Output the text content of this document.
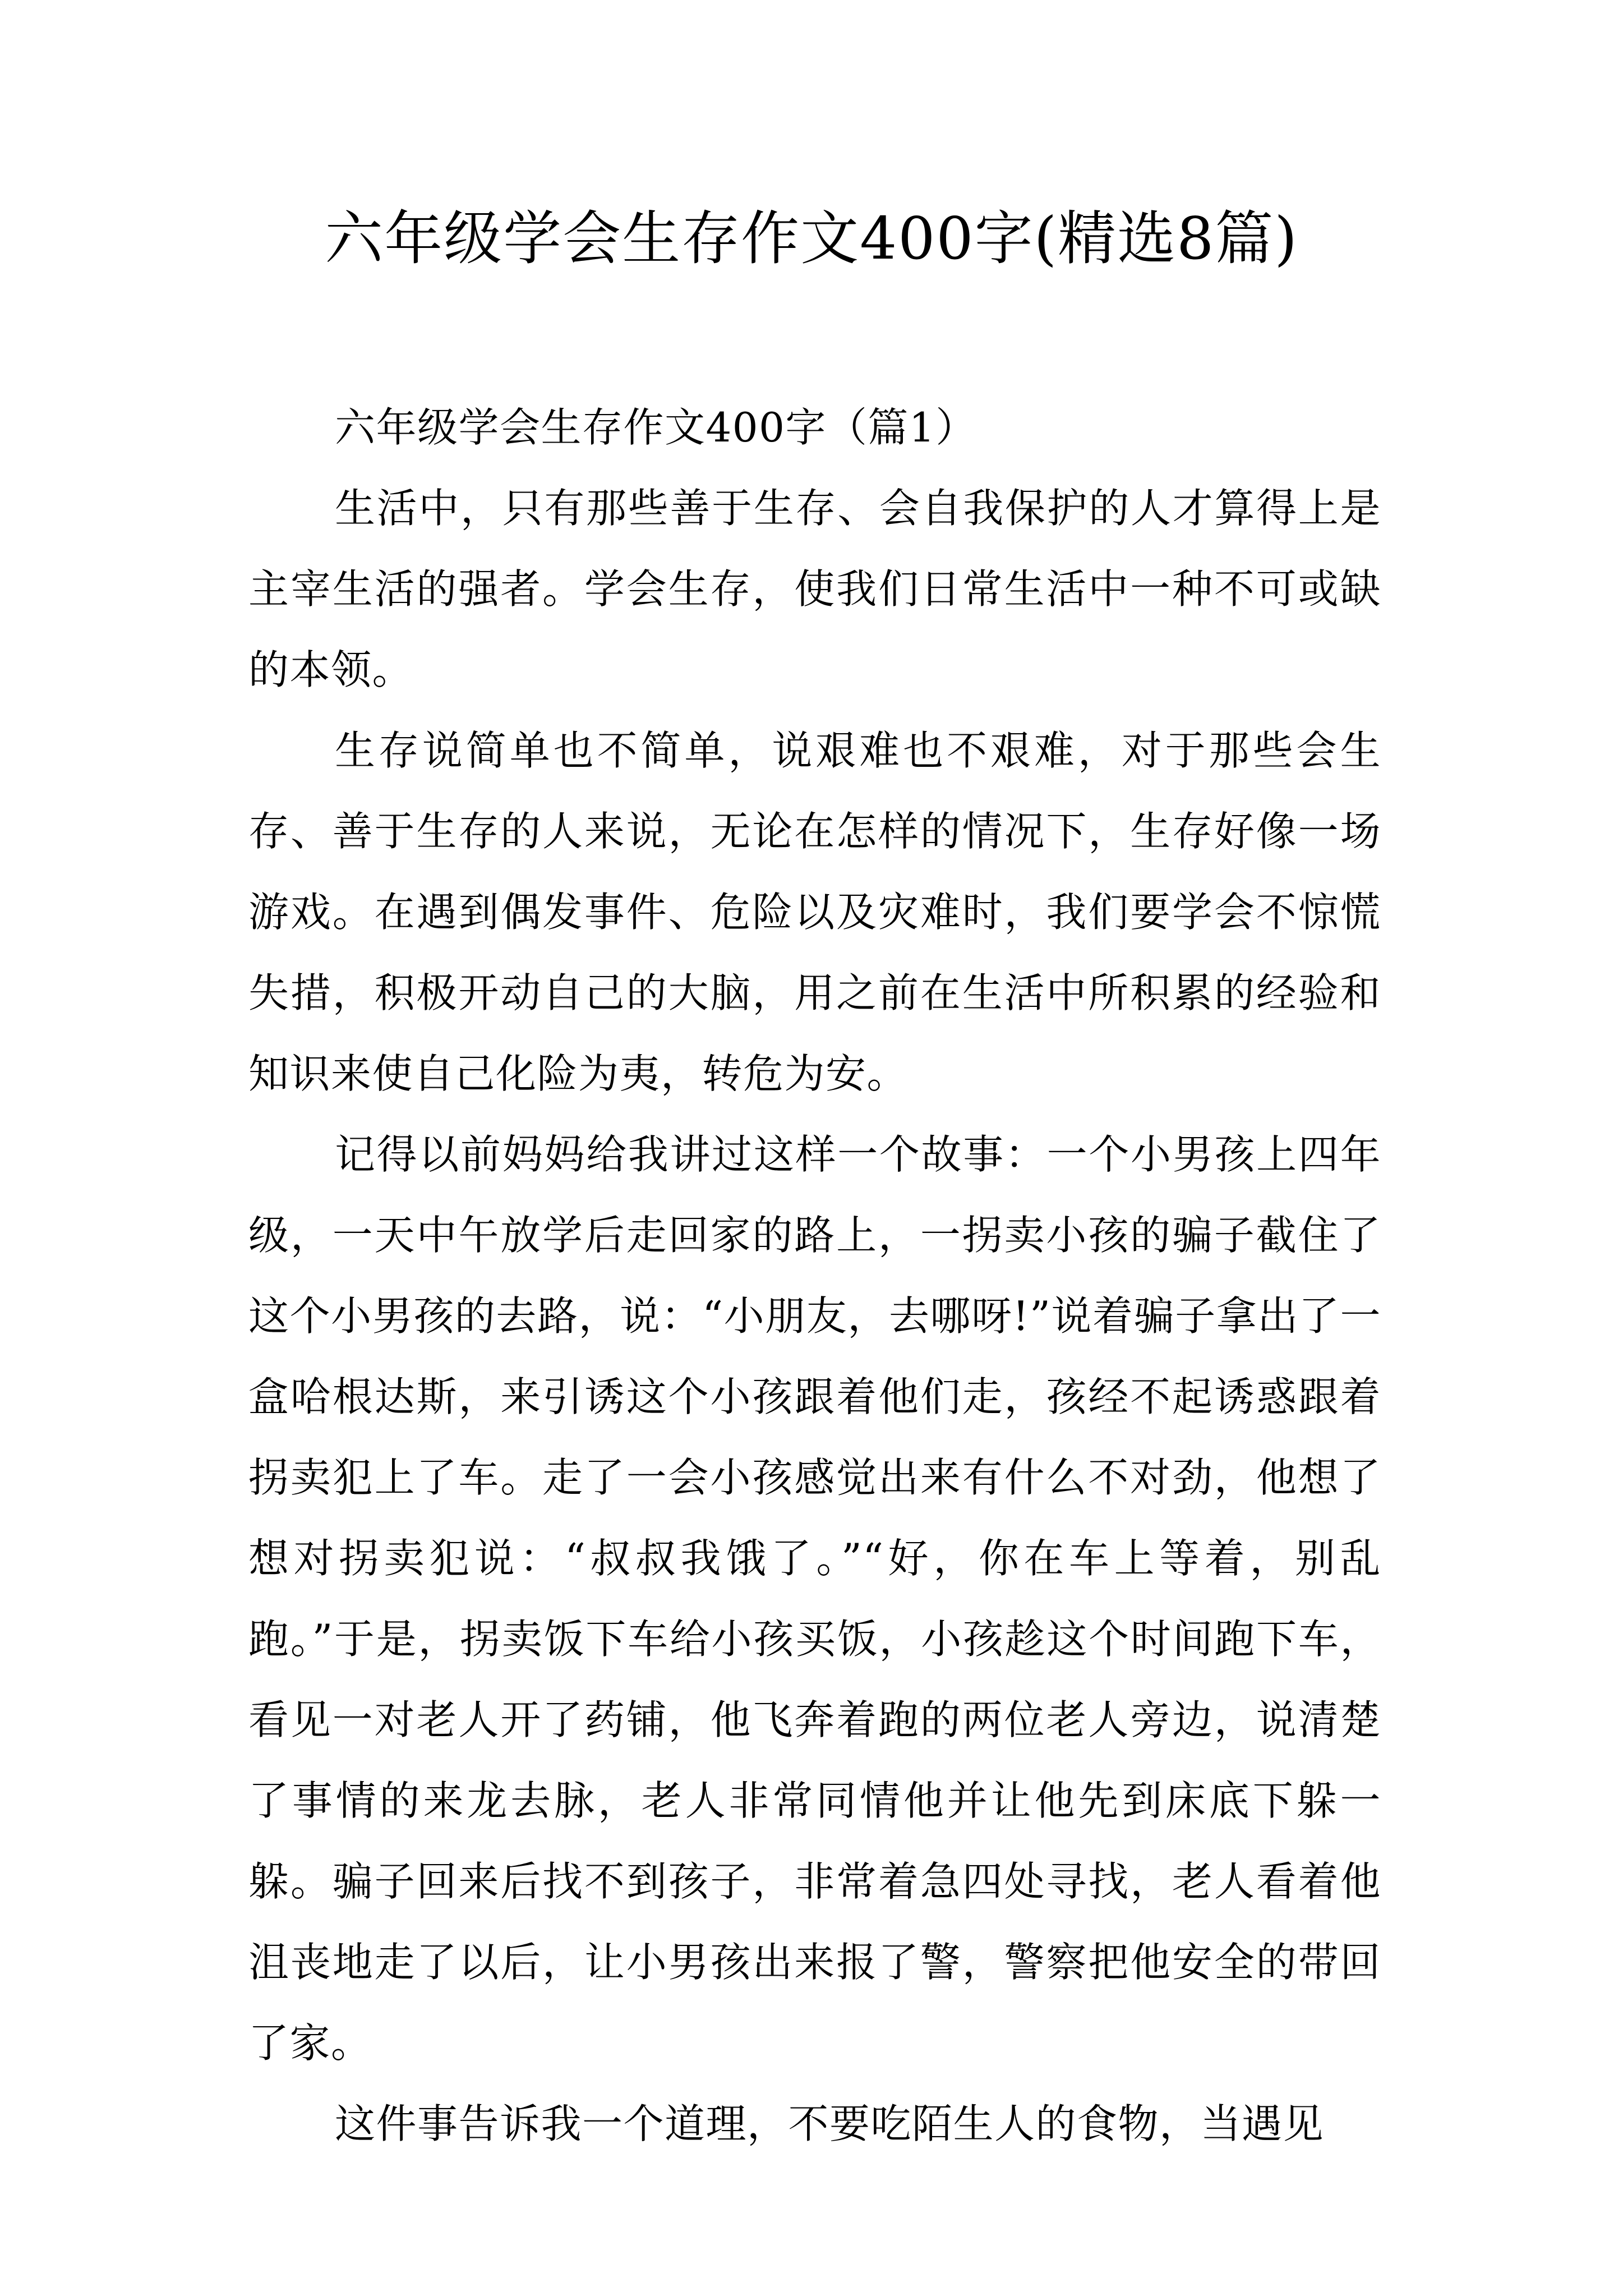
六年级学会生存作文400字(精选8篇)

六年级学会生存作文400字（篇1）

生活中，只有那些善于生存、会自我保护的人才算得上是主宰生活的强者。学会生存，使我们日常生活中一种不可或缺的本领。

生存说简单也不简单，说艰难也不艰难，对于那些会生存、善于生存的人来说，无论在怎样的情况下，生存好像一场游戏。在遇到偶发事件、危险以及灾难时，我们要学会不惊慌失措，积极开动自己的大脑，用之前在生活中所积累的经验和知识来使自己化险为夷，转危为安。

记得以前妈妈给我讲过这样一个故事：一个小男孩上四年级，一天中午放学后走回家的路上，一拐卖小孩的骗子截住了这个小男孩的去路，说：“小朋友，去哪呀!”说着骗子拿出了一盒哈根达斯，来引诱这个小孩跟着他们走，孩经不起诱惑跟着拐卖犯上了车。走了一会小孩感觉出来有什么不对劲，他想了想对拐卖犯说：“叔叔我饿了。”“好，你在车上等着，别乱跑。”于是，拐卖饭下车给小孩买饭，小孩趁这个时间跑下车，看见一对老人开了药铺，他飞奔着跑的两位老人旁边，说清楚了事情的来龙去脉，老人非常同情他并让他先到床底下躲一躲。骗子回来后找不到孩子，非常着急四处寻找，老人看着他沮丧地走了以后，让小男孩出来报了警，警察把他安全的带回了家。

这件事告诉我一个道理，不要吃陌生人的食物，当遇见
